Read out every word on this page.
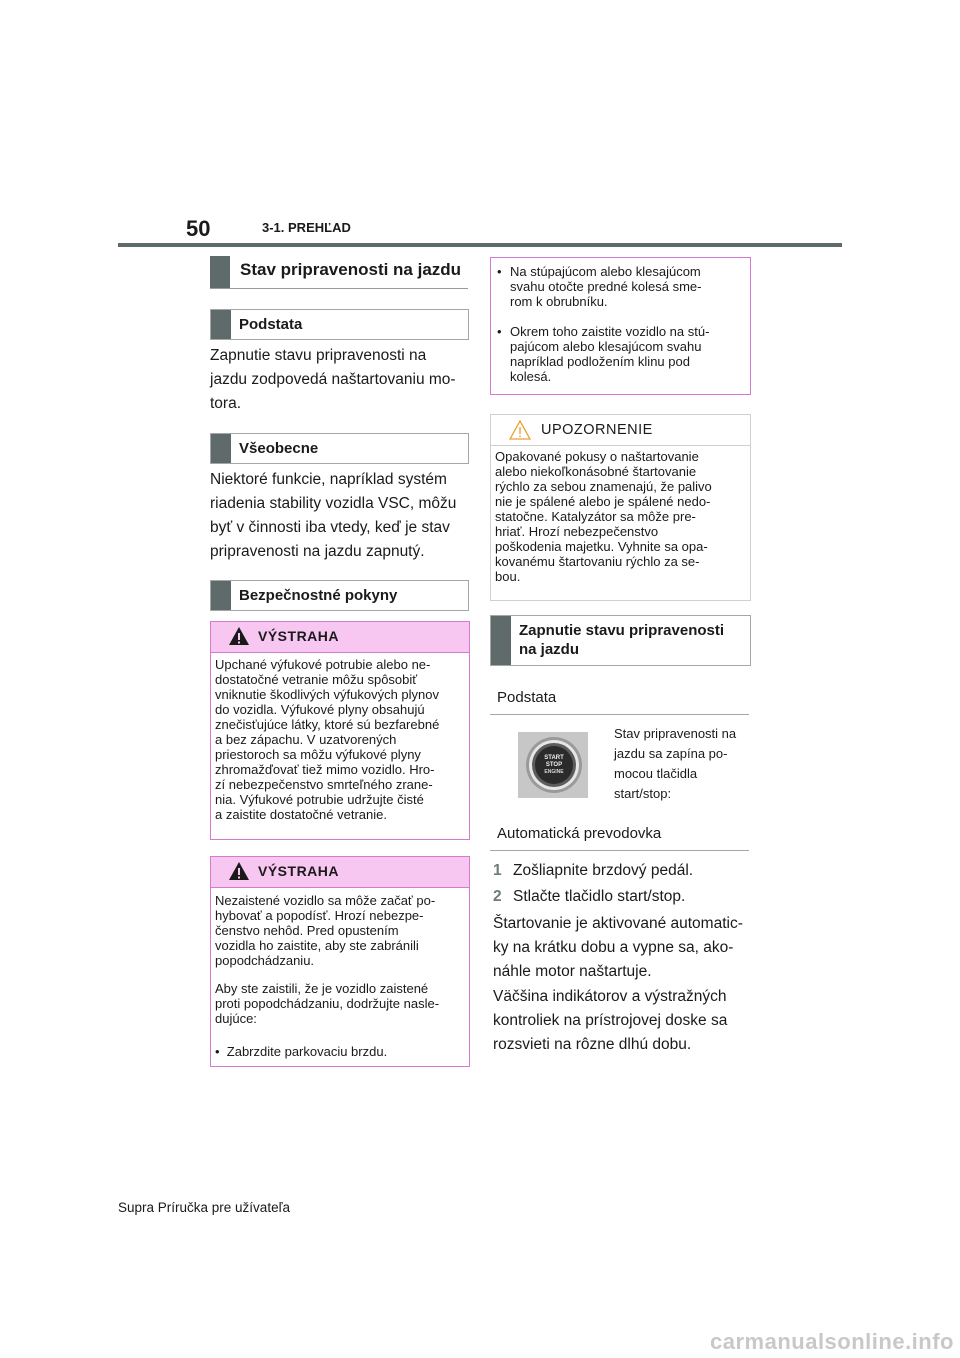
50	3-1. PREHĽAD
Stav pripravenosti na jazdu
Podstata
Zapnutie stavu pripravenosti na
jazdu zodpovedá naštartovaniu mo-
tora.
Všeobecne
Niektoré funkcie, napríklad systém
riadenia stability vozidla VSC, môžu
byť v činnosti iba vtedy, keď je stav
pripravenosti na jazdu zapnutý.
Bezpečnostné pokyny
VÝSTRAHA
Upchané výfukové potrubie alebo ne-
dostatočné vetranie môžu spôsobiť
vniknutie škodlivých výfukových plynov
do vozidla. Výfukové plyny obsahujú
znečisťujúce látky, ktoré sú bezfarebné
a bez zápachu. V uzatvorených
priestoroch sa môžu výfukové plyny
zhromažďovať tiež mimo vozidlo. Hro-
zí nebezpečenstvo smrteľného zrane-
nia. Výfukové potrubie udržujte čisté
a zaistite dostatočné vetranie.
VÝSTRAHA
Nezaistené vozidlo sa môže začať po-
hybovať a popodísť. Hrozí nebezpe-
čenstvo nehôd. Pred opustením
vozidla ho zaistite, aby ste zabránili
popodchádzaniu.
Aby ste zaistili, že je vozidlo zaistené
proti popodchádzaniu, dodržujte nasle-
dujúce:
•  Zabrzdite parkovaciu brzdu.
• Na stúpajúcom alebo klesajúcom
svahu otočte predné kolesá sme-
rom k obrubníku.
• Okrem toho zaistite vozidlo na stú-
pajúcom alebo klesajúcom svahu
napríklad podložením klinu pod
kolesá.
UPOZORNENIE
Opakované pokusy o naštartovanie
alebo niekoľkonásobné štartovanie
rýchlo za sebou znamenajú, že palivo
nie je spálené alebo je spálené nedo-
statočne. Katalyzátor sa môže pre-
hriať. Hrozí nebezpečenstvo
poškodenia majetku. Vyhnite sa opa-
kovanému štartovaniu rýchlo za se-
bou.
Zapnutie stavu pripravenosti
na jazdu
Podstata
START
STOP
ENGINE
Stav pripravenosti na
jazdu sa zapína po-
mocou tlačidla
start/stop:
Automatická prevodovka
1 Zošliapnite brzdový pedál.
2 Stlačte tlačidlo start/stop.
Štartovanie je aktivované automatic-
ky na krátku dobu a vypne sa, ako-
náhle motor naštartuje.
Väčšina indikátorov a výstražných
kontroliek na prístrojovej doske sa
rozsvieti na rôzne dlhú dobu.
Supra Príručka pre užívateľa
carmanualsonline.info
